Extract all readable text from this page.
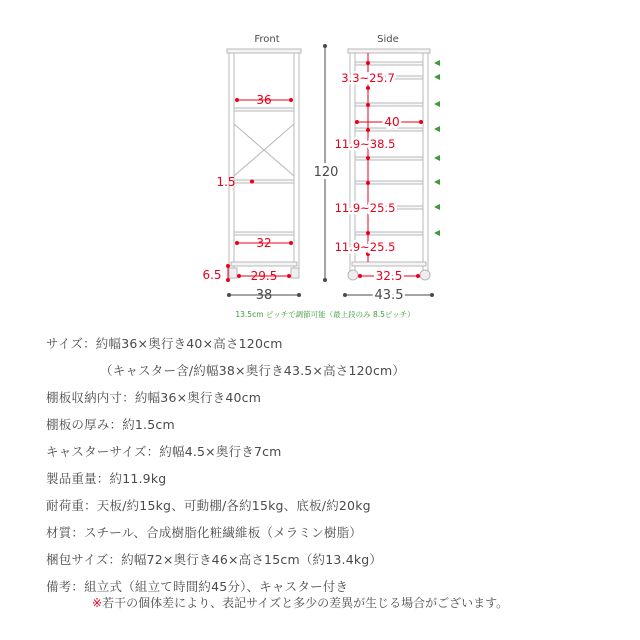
Front
36
1.5
32
6.5 29.5
38
120
Side
3.3~25.7
40
11.9~38.5
11.9~25.5
11.9~25.5
32.5
43.5
13.5cm ピッチで調節可能（最上段のみ 8.5ピッチ）
サイズ：約幅36×奥行き40×高さ120cm
（キャスター含/約幅38×奥行き43.5×高さ120cm）
棚板収納内寸：約幅36×奥行き40cm
棚板の厚み：約1.5cm
キャスターサイズ：約幅4.5×奥行き7cm
製品重量：約11.9kg
耐荷重：天板/約15kg、可動棚/各約15kg、底板/約20kg
材質：スチール、合成樹脂化粧繊維板（メラミン樹脂）
梱包サイズ：約幅72×奥行き46×高さ15cm（約13.4kg）
備考：組立式（組立て時間約45分）、キャスター付き
※若干の個体差により、表記サイズと多少の差異が生じる場合がございます。
